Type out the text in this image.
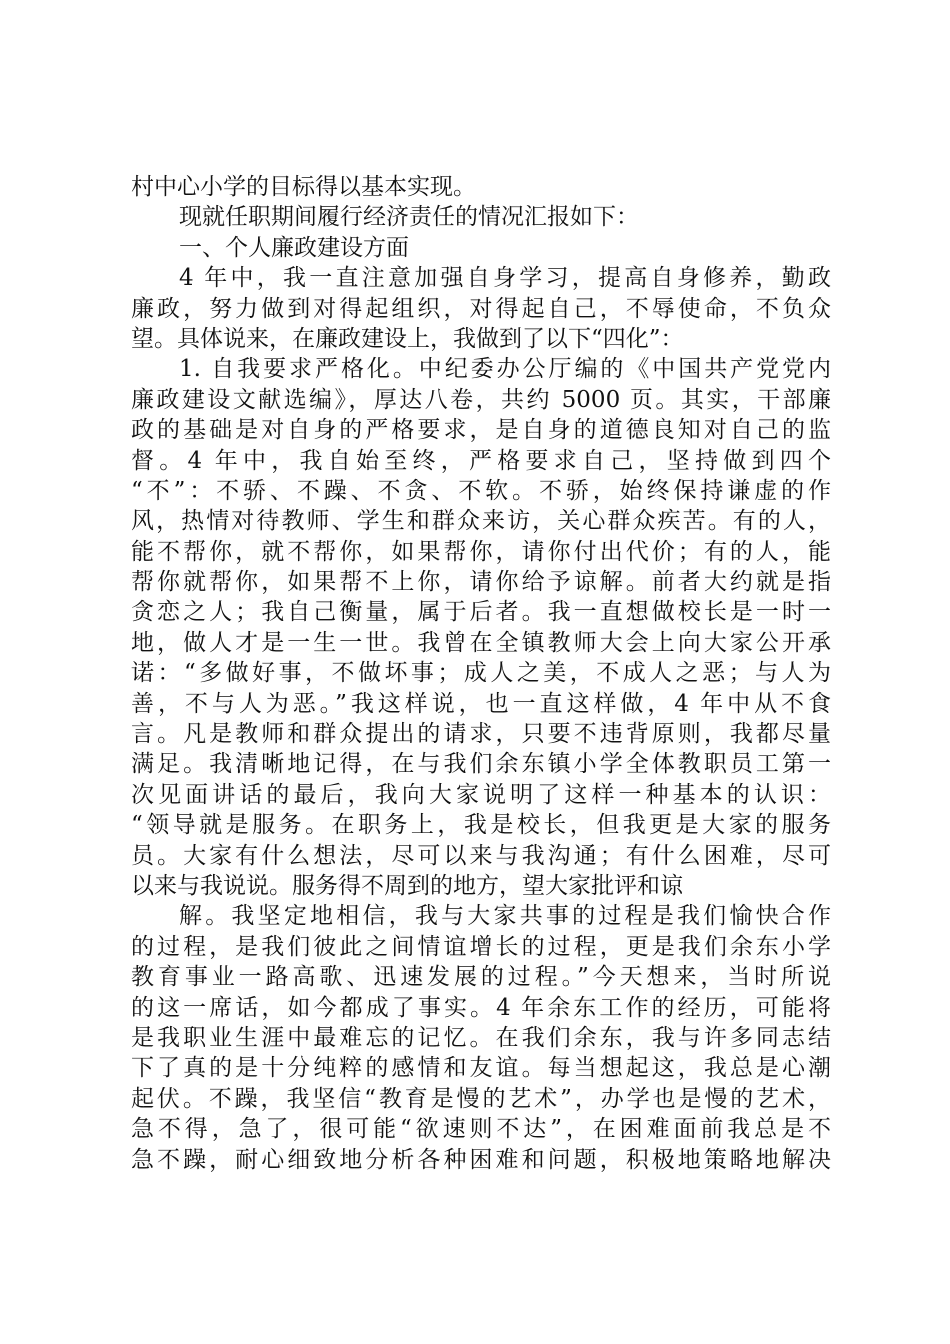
村中心小学的目标得以基本实现。
现就任职期间履行经济责任的情况汇报如下：
一、个人廉政建设方面
4 年中，我一直注意加强自身学习，提高自身修养，勤政
廉政，努力做到对得起组织，对得起自己，不辱使命，不负众
望。具体说来，在廉政建设上，我做到了以下“四化”：
1. 自我要求严格化。中纪委办公厅编的《中国共产党党内
廉政建设文献选编》，厚达八卷，共约 5000 页。其实，干部廉
政的基础是对自身的严格要求，是自身的道德良知对自己的监
督。4 年中，我自始至终，严格要求自己，坚持做到四个
“不”：不骄、不躁、不贪、不软。不骄，始终保持谦虚的作
风，热情对待教师、学生和群众来访，关心群众疾苦。有的人，
能不帮你，就不帮你，如果帮你，请你付出代价；有的人，能
帮你就帮你，如果帮不上你，请你给予谅解。前者大约就是指
贪恋之人；我自己衡量，属于后者。我一直想做校长是一时一
地，做人才是一生一世。我曾在全镇教师大会上向大家公开承
诺：“多做好事，不做坏事；成人之美，不成人之恶；与人为
善，不与人为恶。”我这样说，也一直这样做，4 年中从不食
言。凡是教师和群众提出的请求，只要不违背原则，我都尽量
满足。我清晰地记得，在与我们余东镇小学全体教职员工第一
次见面讲话的最后，我向大家说明了这样一种基本的认识：
“领导就是服务。在职务上，我是校长，但我更是大家的服务
员。大家有什么想法，尽可以来与我沟通；有什么困难，尽可
以来与我说说。服务得不周到的地方，望大家批评和谅
解。我坚定地相信，我与大家共事的过程是我们愉快合作
的过程，是我们彼此之间情谊增长的过程，更是我们余东小学
教育事业一路高歌、迅速发展的过程。”今天想来，当时所说
的这一席话，如今都成了事实。4 年余东工作的经历，可能将
是我职业生涯中最难忘的记忆。在我们余东，我与许多同志结
下了真的是十分纯粹的感情和友谊。每当想起这，我总是心潮
起伏。不躁，我坚信“教育是慢的艺术”，办学也是慢的艺术，
急不得，急了，很可能“欲速则不达”，在困难面前我总是不
急不躁，耐心细致地分析各种困难和问题，积极地策略地解决
